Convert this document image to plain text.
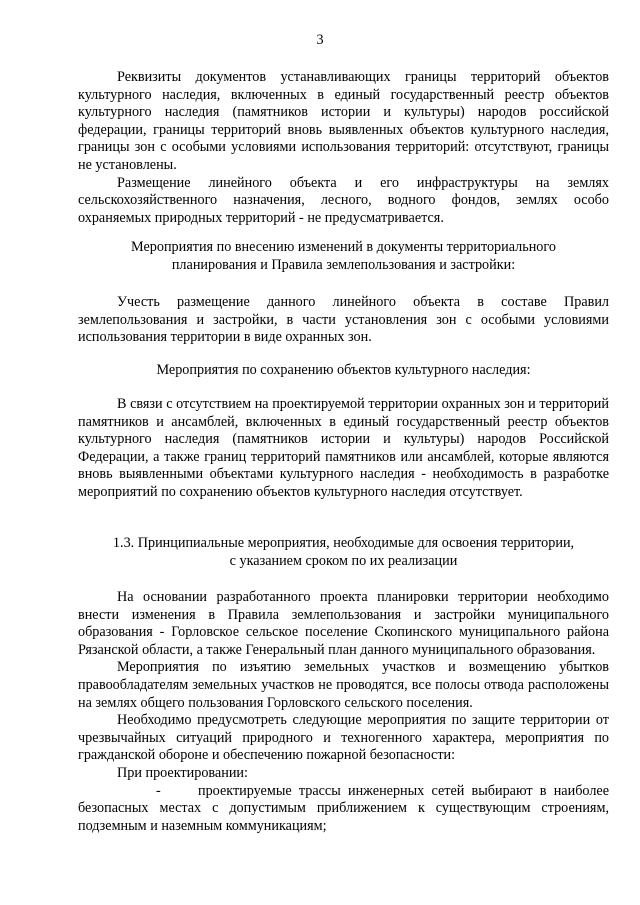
3

Реквизиты документов устанавливающих границы территорий объектов культурного наследия, включенных в единый государственный реестр объектов культурного наследия (памятников истории и культуры) народов российской федерации, границы территорий вновь выявленных объектов культурного наследия, границы зон с особыми условиями использования территорий: отсутствуют, границы не установлены.

Размещение линейного объекта и его инфраструктуры на землях сельскохозяйственного назначения, лесного, водного фондов, землях особо охраняемых природных территорий - не предусматривается.

Мероприятия по внесению изменений в документы территориального

планирования и Правила землепользования и застройки:

Учесть размещение данного линейного объекта в составе Правил землепользования и застройки, в части установления зон с особыми условиями использования территории в виде охранных зон.

Мероприятия по сохранению объектов культурного наследия:

В связи с отсутствием на проектируемой территории охранных зон и территорий памятников и ансамблей, включенных в единый государственный реестр объектов культурного наследия (памятников истории и культуры) народов Российской Федерации, а также границ территорий памятников или ансамблей, которые являются вновь выявленными объектами культурного наследия - необходимость в разработке мероприятий по сохранению объектов культурного наследия отсутствует.

1.3. Принципиальные мероприятия, необходимые для освоения территории,

с указанием сроком по их реализации

На основании разработанного проекта планировки территории необходимо внести изменения в Правила землепользования и застройки муниципального образования - Горловское сельское поселение Скопинского муниципального района Рязанской области, а также Генеральный план данного муниципального образования.

Мероприятия по изъятию земельных участков и возмещению убытков правообладателям земельных участков не проводятся, все полосы отвода расположены на землях общего пользования Горловского сельского поселения.

Необходимо предусмотреть следующие мероприятия по защите территории от чрезвычайных ситуаций природного и техногенного характера, мероприятия по гражданской обороне и обеспечению пожарной безопасности:

При проектировании:

-	проектируемые трассы инженерных сетей выбирают в наиболее безопасных местах с допустимым приближением к существующим строениям, подземным и наземным коммуникациям;
